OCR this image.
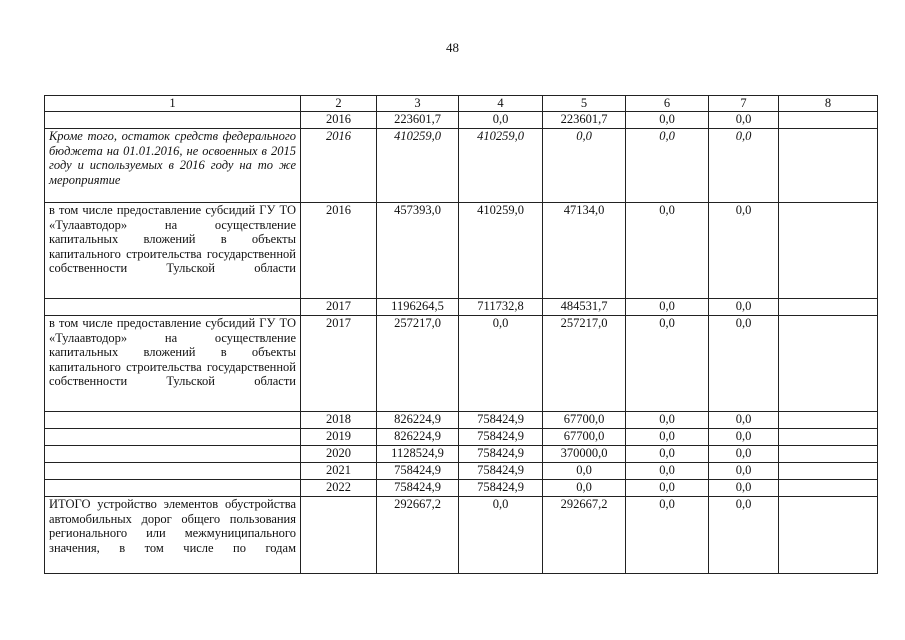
48
1	2	3	4	5	6	7	8
	2016	223601,7	0,0	223601,7	0,0	0,0	
Кроме того, остаток средств федерального бюджета на 01.01.2016, не освоенных в 2015 году и используемых в 2016 году на то же мероприятие	2016	410259,0	410259,0	0,0	0,0	0,0	
в том числе предоставление субсидий ГУ ТО «Тулаавтодор» на осуществление капитальных вложений в объекты капитального строительства государственной собственности Тульской области	2016	457393,0	410259,0	47134,0	0,0	0,0	
	2017	1196264,5	711732,8	484531,7	0,0	0,0	
в том числе предоставление субсидий ГУ ТО «Тулаавтодор» на осуществление капитальных вложений в объекты капитального строительства государственной собственности Тульской области	2017	257217,0	0,0	257217,0	0,0	0,0	
	2018	826224,9	758424,9	67700,0	0,0	0,0	
	2019	826224,9	758424,9	67700,0	0,0	0,0	
	2020	1128524,9	758424,9	370000,0	0,0	0,0	
	2021	758424,9	758424,9	0,0	0,0	0,0	
	2022	758424,9	758424,9	0,0	0,0	0,0	
ИТОГО устройство элементов обустройства автомобильных дорог общего пользования регионального или межмуниципального значения, в том числе по годам		292667,2	0,0	292667,2	0,0	0,0	
